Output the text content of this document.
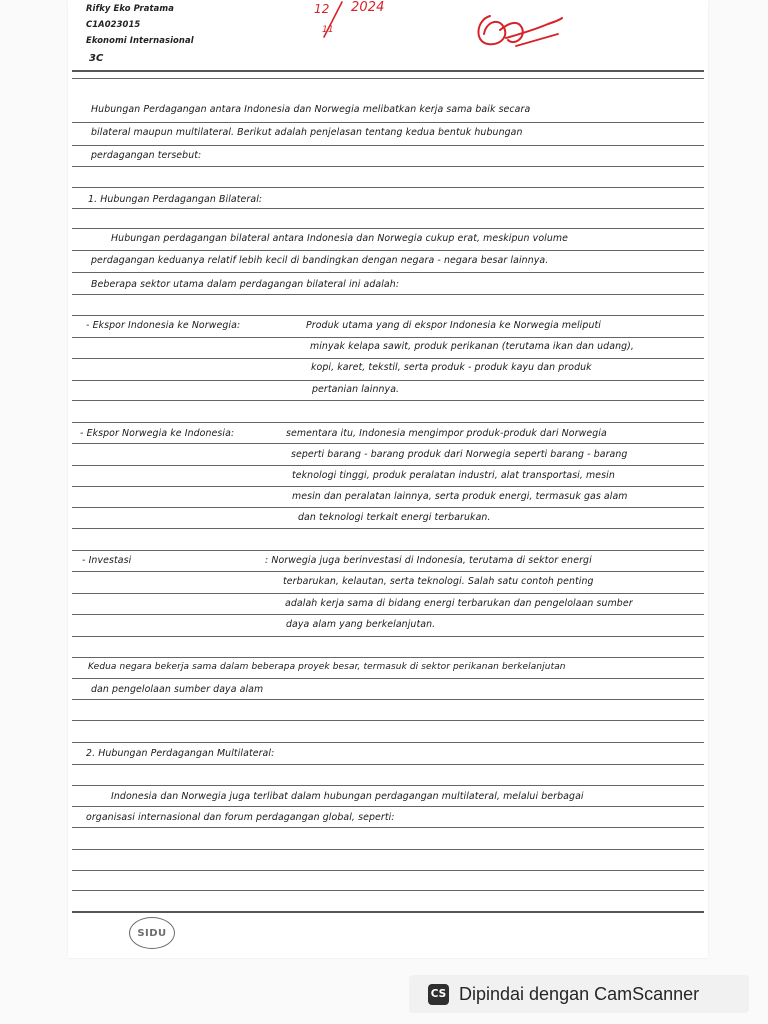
Rifky Eko Pratama
C1A023015
Ekonomi Internasional
3C
12 2024
11
Hubungan Perdagangan antara Indonesia dan Norwegia melibatkan kerja sama baik secara
bilateral maupun multilateral. Berikut adalah penjelasan tentang kedua bentuk hubungan
perdagangan tersebut:
1. Hubungan Perdagangan Bilateral:
Hubungan perdagangan bilateral antara Indonesia dan Norwegia cukup erat, meskipun volume
perdagangan keduanya relatif lebih kecil di bandingkan dengan negara - negara besar lainnya.
Beberapa sektor utama dalam perdagangan bilateral ini adalah:
- Ekspor Indonesia ke Norwegia:	Produk utama yang di ekspor Indonesia ke Norwegia meliputi
minyak kelapa sawit, produk perikanan (terutama ikan dan udang),
kopi, karet, tekstil, serta produk - produk kayu dan produk
pertanian lainnya.
- Ekspor Norwegia ke Indonesia:	sementara itu, Indonesia mengimpor produk-produk dari Norwegia
seperti barang - barang produk dari Norwegia seperti barang - barang
teknologi tinggi, produk peralatan industri, alat transportasi, mesin
mesin dan peralatan lainnya, serta produk energi, termasuk gas alam
dan teknologi terkait energi terbarukan.
- Investasi	: Norwegia juga berinvestasi di Indonesia, terutama di sektor energi
terbarukan, kelautan, serta teknologi. Salah satu contoh penting
adalah kerja sama di bidang energi terbarukan dan pengelolaan sumber
daya alam yang berkelanjutan.
Kedua negara bekerja sama dalam beberapa proyek besar, termasuk di sektor perikanan berkelanjutan
dan pengelolaan sumber daya alam
2. Hubungan Perdagangan Multilateral:
Indonesia dan Norwegia juga terlibat dalam hubungan perdagangan multilateral, melalui berbagai
organisasi internasional dan forum perdagangan global, seperti:
SIDU
CS Dipindai dengan CamScanner
